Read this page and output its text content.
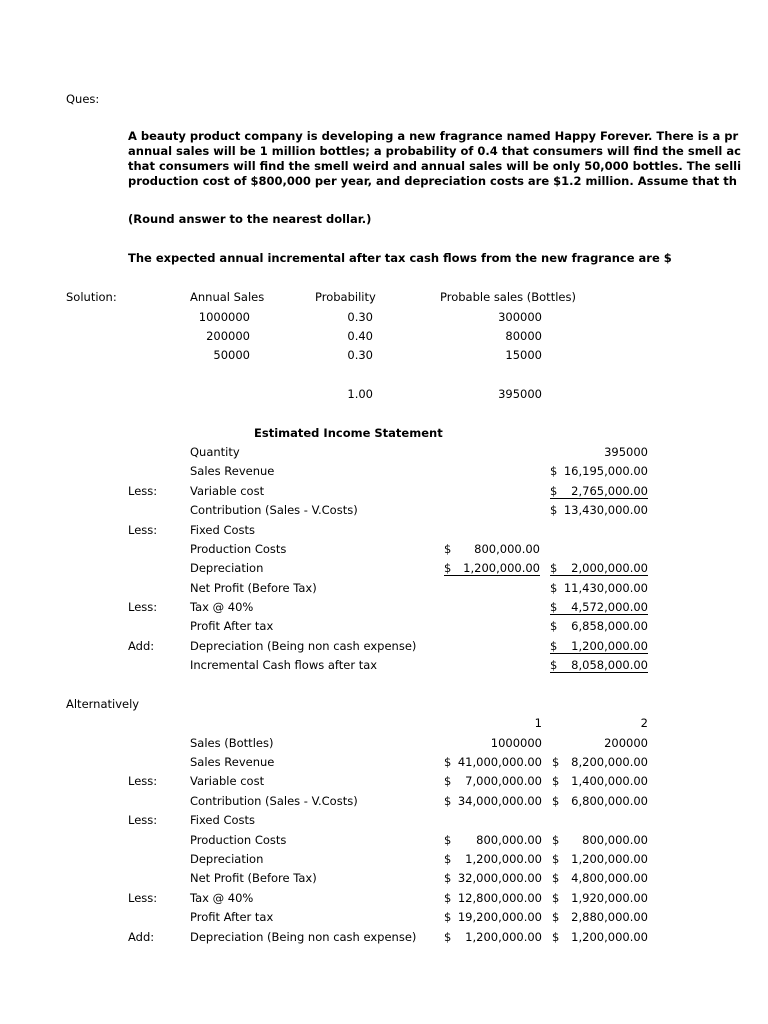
Ques:
A beauty product company is developing a new fragrance named Happy Forever. There is a pr
annual sales will be 1 million bottles; a probability of 0.4 that consumers will find the smell ac
that consumers will find the smell weird and annual sales will be only 50,000 bottles. The selli
production cost of $800,000 per year, and depreciation costs are $1.2 million. Assume that th
(Round answer to the nearest dollar.)
The expected annual incremental after tax cash flows from the new fragrance are $
Solution:	Annual Sales	Probability	Probable sales (Bottles)
1000000	0.30	300000
200000	0.40	80000
50000	0.30	15000
1.00	395000
Estimated Income Statement
Quantity	395000
Sales Revenue	$ 16,195,000.00
Less:	Variable cost	$ 2,765,000.00
Contribution (Sales - V.Costs)	$ 13,430,000.00
Less:	Fixed Costs
Production Costs	$ 800,000.00
Depreciation	$ 1,200,000.00 $ 2,000,000.00
Net Profit (Before Tax)	$ 11,430,000.00
Less:	Tax @ 40%	$ 4,572,000.00
Profit After tax	$ 6,858,000.00
Add:	Depreciation (Being non cash expense)	$ 1,200,000.00
Incremental Cash flows after tax	$ 8,058,000.00
Alternatively
1	2
Sales (Bottles)	1000000	200000
Sales Revenue	$ 41,000,000.00 $ 8,200,000.00
Less:	Variable cost	$ 7,000,000.00 $ 1,400,000.00
Contribution (Sales - V.Costs)	$ 34,000,000.00 $ 6,800,000.00
Less:	Fixed Costs
Production Costs	$ 800,000.00 $ 800,000.00
Depreciation	$ 1,200,000.00 $ 1,200,000.00
Net Profit (Before Tax)	$ 32,000,000.00 $ 4,800,000.00
Less:	Tax @ 40%	$ 12,800,000.00 $ 1,920,000.00
Profit After tax	$ 19,200,000.00 $ 2,880,000.00
Add:	Depreciation (Being non cash expense) $ 1,200,000.00 $ 1,200,000.00
